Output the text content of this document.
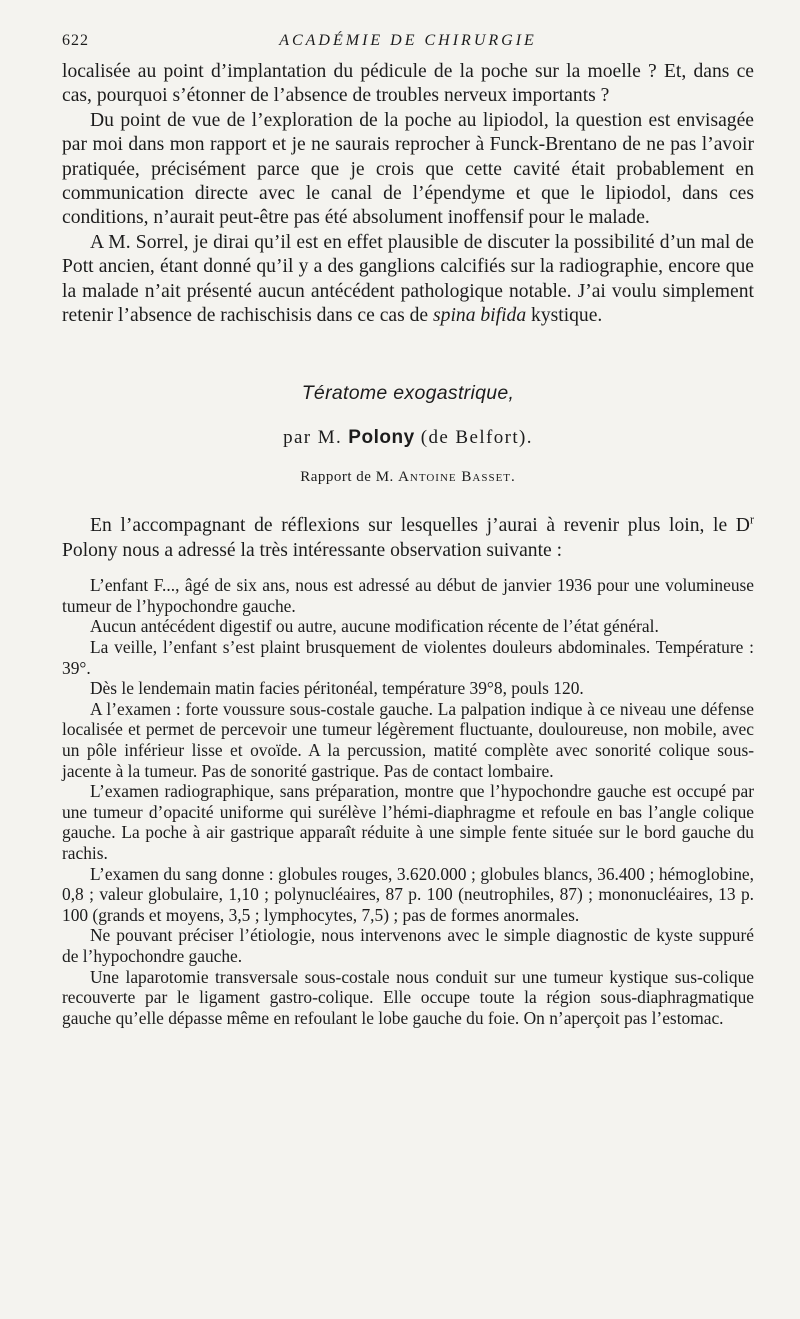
622	ACADÉMIE DE CHIRURGIE

localisée au point d’implantation du pédicule de la poche sur la moelle ? Et, dans ce cas, pourquoi s’étonner de l’absence de troubles nerveux importants ?

Du point de vue de l’exploration de la poche au lipiodol, la question est envisagée par moi dans mon rapport et je ne saurais reprocher à Funck-Brentano de ne pas l’avoir pratiquée, précisément parce que je crois que cette cavité était probablement en communication directe avec le canal de l’épendyme et que le lipiodol, dans ces conditions, n’aurait peut-être pas été absolument inoffensif pour le malade.

A M. Sorrel, je dirai qu’il est en effet plausible de discuter la possibilité d’un mal de Pott ancien, étant donné qu’il y a des ganglions calcifiés sur la radiographie, encore que la malade n’ait présenté aucun antécédent pathologique notable. J’ai voulu simplement retenir l’absence de rachischisis dans ce cas de spina bifida kystique.

Tératome exogastrique,
par M. Polony (de Belfort).
Rapport de M. Antoine Basset.

En l’accompagnant de réflexions sur lesquelles j’aurai à revenir plus loin, le $D^r$ Polony nous a adressé la très intéressante observation suivante :

L’enfant F..., âgé de six ans, nous est adressé au début de janvier 1936 pour une volumineuse tumeur de l’hypochondre gauche.

Aucun antécédent digestif ou autre, aucune modification récente de l’état général.

La veille, l’enfant s’est plaint brusquement de violentes douleurs abdominales. Température : 39°.

Dès le lendemain matin facies péritonéal, température 39°8, pouls 120.

A l’examen : forte voussure sous-costale gauche. La palpation indique à ce niveau une défense localisée et permet de percevoir une tumeur légèrement fluctuante, douloureuse, non mobile, avec un pôle inférieur lisse et ovoïde. A la percussion, matité complète avec sonorité colique sous-jacente à la tumeur. Pas de sonorité gastrique. Pas de contact lombaire.

L’examen radiographique, sans préparation, montre que l’hypochondre gauche est occupé par une tumeur d’opacité uniforme qui surélève l’hémi-diaphragme et refoule en bas l’angle colique gauche. La poche à air gastrique apparaît réduite à une simple fente située sur le bord gauche du rachis.

L’examen du sang donne : globules rouges, 3.620.000 ; globules blancs, 36.400 ; hémoglobine, 0,8 ; valeur globulaire, 1,10 ; polynucléaires, 87 p. 100 (neutrophiles, 87) ; mononucléaires, 13 p. 100 (grands et moyens, 3,5 ; lymphocytes, 7,5) ; pas de formes anormales.

Ne pouvant préciser l’étiologie, nous intervenons avec le simple diagnostic de kyste suppuré de l’hypochondre gauche.

Une laparotomie transversale sous-costale nous conduit sur une tumeur kystique sus-colique recouverte par le ligament gastro-colique. Elle occupe toute la région sous-diaphragmatique gauche qu’elle dépasse même en refoulant le lobe gauche du foie. On n’aperçoit pas l’estomac.
